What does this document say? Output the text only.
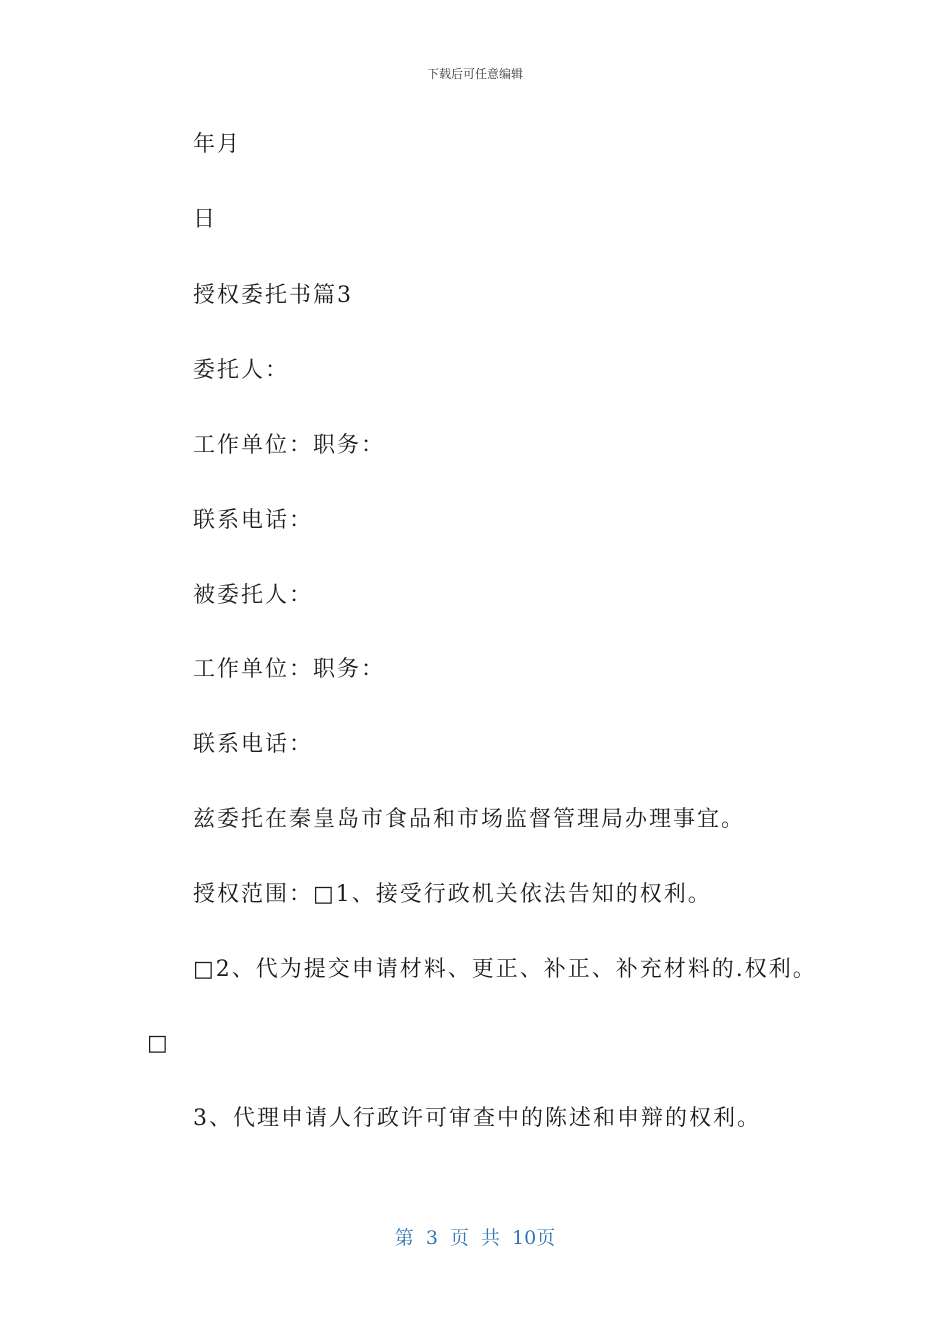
下载后可任意编辑
年月
日
授权委托书篇3
委托人：
工作单位：职务：
联系电话：
被委托人：
工作单位：职务：
联系电话：
兹委托在秦皇岛市食品和市场监督管理局办理事宜。
授权范围：□1、接受行政机关依法告知的权利。
□2、代为提交申请材料、更正、补正、补充材料的.权利。
□
3、代理申请人行政许可审查中的陈述和申辩的权利。
第 3 页 共 10页
